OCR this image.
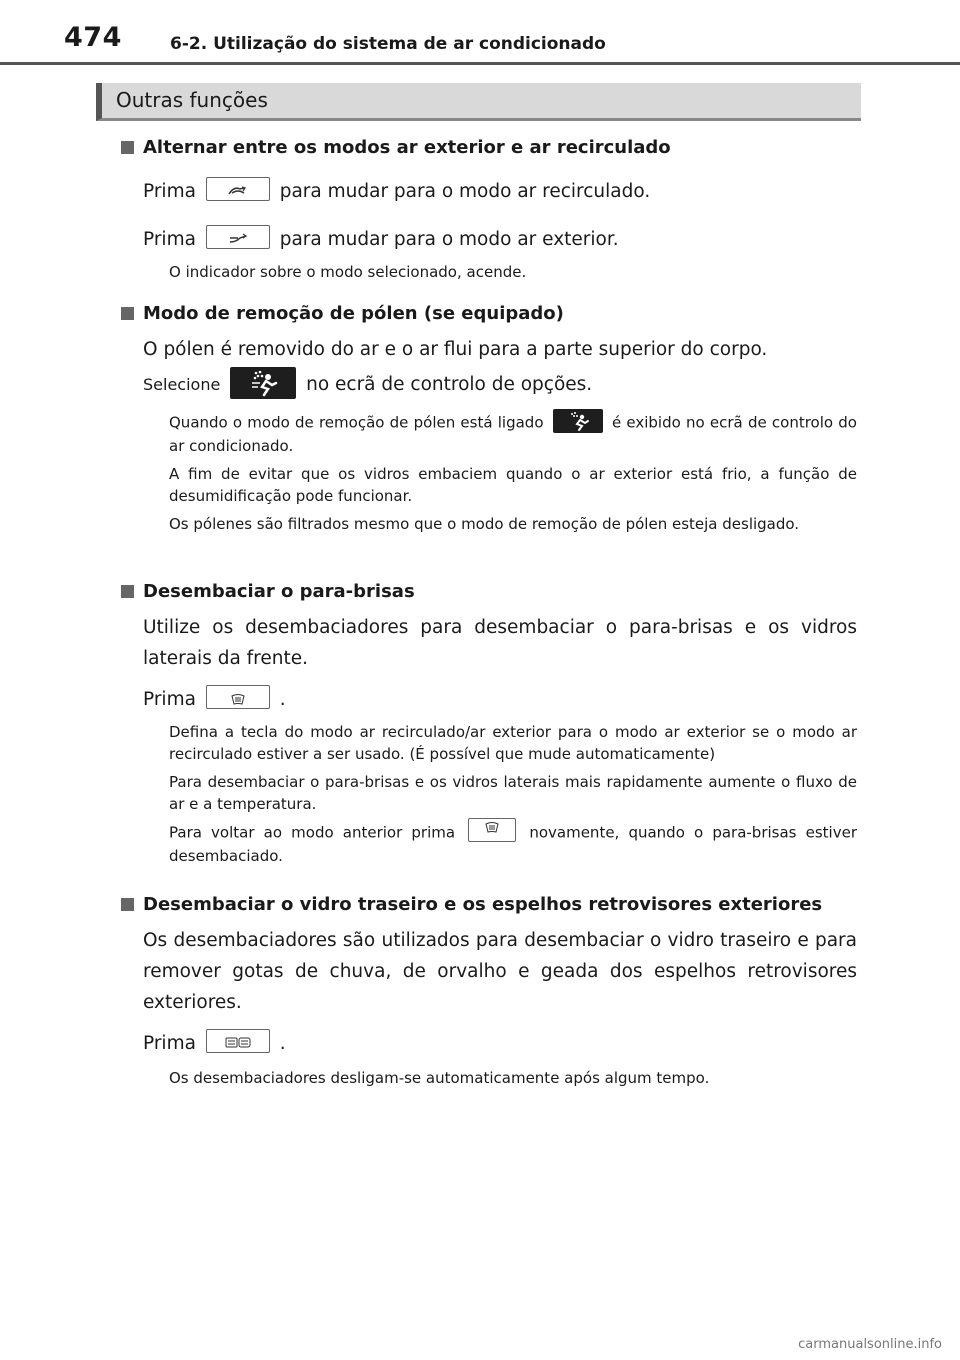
474	6-2. Utilização do sistema de ar condicionado
Outras funções
Alternar entre os modos ar exterior e ar recirculado
Prima	para mudar para o modo ar recirculado.
Prima	para mudar para o modo ar exterior.
O indicador sobre o modo selecionado, acende.
Modo de remoção de pólen (se equipado)
O pólen é removido do ar e o ar flui para a parte superior do corpo.
Selecione	no ecrã de controlo de opções.
Quando o modo de remoção de pólen está ligado	é exibido no ecrã de controlo do ar condicionado.
A fim de evitar que os vidros embaciem quando o ar exterior está frio, a função de desumidificação pode funcionar.
Os pólenes são filtrados mesmo que o modo de remoção de pólen esteja desligado.
Desembaciar o para-brisas
Utilize os desembaciadores para desembaciar o para-brisas e os vidros laterais da frente.
Prima	.
Defina a tecla do modo ar recirculado/ar exterior para o modo ar exterior se o modo ar recirculado estiver a ser usado. (É possível que mude automaticamente)
Para desembaciar o para-brisas e os vidros laterais mais rapidamente aumente o fluxo de ar e a temperatura.
Para voltar ao modo anterior prima	novamente, quando o para-brisas estiver desembaciado.
Desembaciar o vidro traseiro e os espelhos retrovisores exteriores
Os desembaciadores são utilizados para desembaciar o vidro traseiro e para remover gotas de chuva, de orvalho e geada dos espelhos retrovisores exteriores.
Prima	.
Os desembaciadores desligam-se automaticamente após algum tempo.
carmanualsonline.info
